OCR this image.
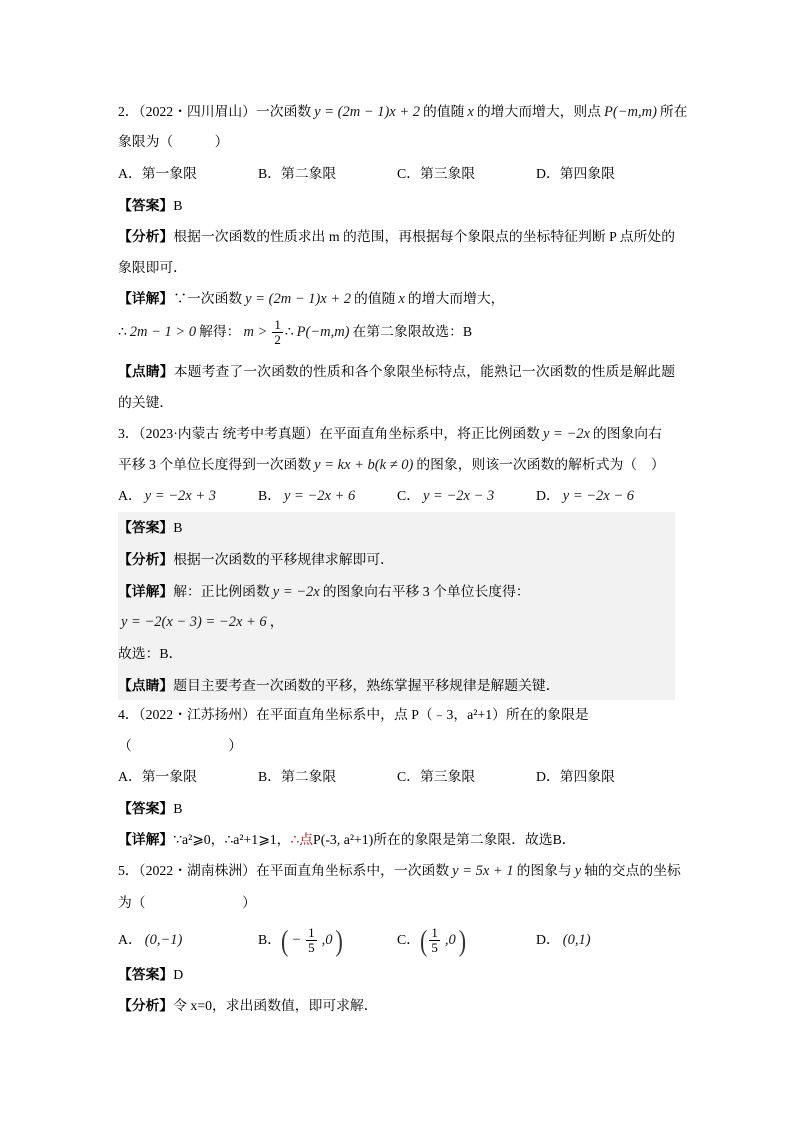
2．（2022・四川眉山）一次函数 y = (2m − 1)x + 2 的值随 x 的增大而增大，则点 P(−m,m) 所在
象限为（　　　）
A．第一象限	B．第二象限	C．第三象限	D．第四象限
【答案】B
【分析】根据一次函数的性质求出 m 的范围，再根据每个象限点的坐标特征判断 P 点所处的
象限即可．
【详解】∵一次函数 y = (2m − 1)x + 2 的值随 x 的增大而增大，
∴ 2m − 1 > 0 解得： $m > \frac{1}{2}$ ∴ P(−m,m) 在第二象限故选：B
【点睛】本题考查了一次函数的性质和各个象限坐标特点，能熟记一次函数的性质是解此题
的关键．
3．（2023·内蒙古 统考中考真题）在平面直角坐标系中，将正比例函数 y = −2x 的图象向右
平移 3 个单位长度得到一次函数 y = kx + b(k ≠ 0) 的图象，则该一次函数的解析式为（　）
A． y = −2x + 3	B． y = −2x + 6	C． y = −2x − 3	D． y = −2x − 6
【答案】B
【分析】根据一次函数的平移规律求解即可．
【详解】解：正比例函数 y = −2x 的图象向右平移 3 个单位长度得：
y = −2(x − 3) = −2x + 6 ，
故选：B．
【点睛】题目主要考查一次函数的平移，熟练掌握平移规律是解题关键．
4．（2022・江苏扬州）在平面直角坐标系中，点 P（﹣3，a²+1）所在的象限是
（　　　　　　　）
A．第一象限	B．第二象限	C．第三象限	D．第四象限
【答案】B
【详解】∵a²⩾0，∴a²+1⩾1，∴点P(-3, a²+1)所在的象限是第二象限．故选B．
5．（2022・湖南株洲）在平面直角坐标系中，一次函数 y = 5x + 1 的图象与 y 轴的交点的坐标
为（　　　　　　　）
A． (0,−1)	B．( − $\frac{1}{5} ,0$ )	C．( $\frac{1}{5} ,0$ )	D． (0,1)
【答案】D
【分析】令 x=0，求出函数值，即可求解．
